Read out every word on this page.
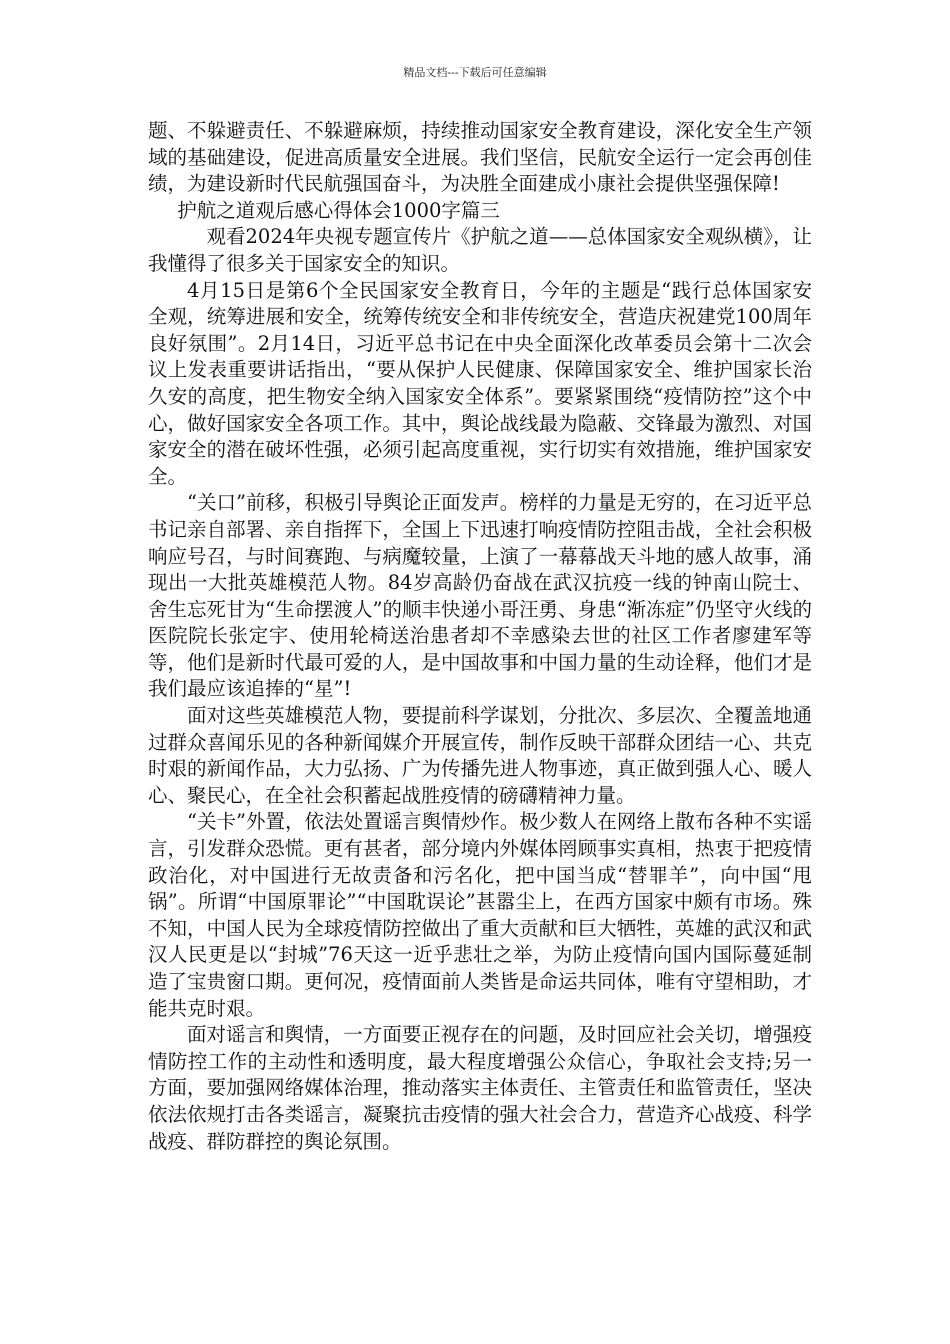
精品文档---下载后可任意编辑

题、不躲避责任、不躲避麻烦，持续推动国家安全教育建设，深化安全生产领域的基础建设，促进高质量安全进展。我们坚信，民航安全运行一定会再创佳绩，为建设新时代民航强国奋斗，为决胜全面建成小康社会提供坚强保障!

护航之道观后感心得体会1000字篇三

观看2024年央视专题宣传片《护航之道——总体国家安全观纵横》，让我懂得了很多关于国家安全的知识。

4月15日是第6个全民国家安全教育日，今年的主题是“践行总体国家安全观，统筹进展和安全，统筹传统安全和非传统安全，营造庆祝建党100周年良好氛围”。2月14日，习近平总书记在中央全面深化改革委员会第十二次会议上发表重要讲话指出，“要从保护人民健康、保障国家安全、维护国家长治久安的高度，把生物安全纳入国家安全体系”。要紧紧围绕“疫情防控”这个中心，做好国家安全各项工作。其中，舆论战线最为隐蔽、交锋最为激烈、对国家安全的潜在破坏性强，必须引起高度重视，实行切实有效措施，维护国家安全。

“关口”前移，积极引导舆论正面发声。榜样的力量是无穷的，在习近平总书记亲自部署、亲自指挥下，全国上下迅速打响疫情防控阻击战，全社会积极响应号召，与时间赛跑、与病魔较量，上演了一幕幕战天斗地的感人故事，涌现出一大批英雄模范人物。84岁高龄仍奋战在武汉抗疫一线的钟南山院士、舍生忘死甘为“生命摆渡人”的顺丰快递小哥汪勇、身患“渐冻症”仍坚守火线的医院院长张定宇、使用轮椅送治患者却不幸感染去世的社区工作者廖建军等等，他们是新时代最可爱的人，是中国故事和中国力量的生动诠释，他们才是我们最应该追捧的“星”!

面对这些英雄模范人物，要提前科学谋划，分批次、多层次、全覆盖地通过群众喜闻乐见的各种新闻媒介开展宣传，制作反映干部群众团结一心、共克时艰的新闻作品，大力弘扬、广为传播先进人物事迹，真正做到强人心、暖人心、聚民心，在全社会积蓄起战胜疫情的磅礴精神力量。

“关卡”外置，依法处置谣言舆情炒作。极少数人在网络上散布各种不实谣言，引发群众恐慌。更有甚者，部分境内外媒体罔顾事实真相，热衷于把疫情政治化，对中国进行无故责备和污名化，把中国当成“替罪羊”，向中国“甩锅”。所谓“中国原罪论”“中国耽误论”甚嚣尘上，在西方国家中颇有市场。殊不知，中国人民为全球疫情防控做出了重大贡献和巨大牺牲，英雄的武汉和武汉人民更是以“封城”76天这一近乎悲壮之举，为防止疫情向国内国际蔓延制造了宝贵窗口期。更何况，疫情面前人类皆是命运共同体，唯有守望相助，才能共克时艰。

面对谣言和舆情，一方面要正视存在的问题，及时回应社会关切，增强疫情防控工作的主动性和透明度，最大程度增强公众信心，争取社会支持;另一方面，要加强网络媒体治理，推动落实主体责任、主管责任和监管责任，坚决依法依规打击各类谣言，凝聚抗击疫情的强大社会合力，营造齐心战疫、科学战疫、群防群控的舆论氛围。
